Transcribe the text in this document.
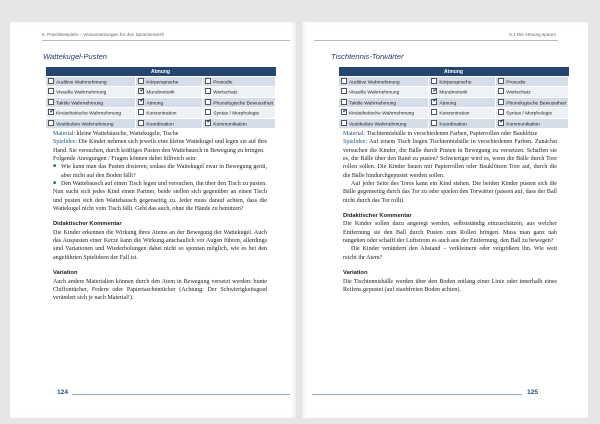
6. Praxisbeispiele – Voraussetzungen für den Spracherwerb
Wattekugel-Pusten
Atmung		
Auditive Wahrnehmung	Körpersprache	Prosodie
Visuelle Wahrnehmung	✔Mundmotorik	Wortschatz
Taktile Wahrnehmung	✔Atmung	Phonologische Bewusstheit
✔Kinästhetische Wahrnehmung	Konzentration	Syntax / Morphologie
Vestibuläre Wahrnehmung	Koordination	✔Kommunikation

Material: kleine Wattebäusche, Wattekugeln, Tische

Spielidee: Die Kinder nehmen sich jeweils eine kleine Wattekugel und legen sie auf ihre Hand. Sie versuchen, durch kräftiges Pusten den Wattebausch in Bewegung zu bringen.

Folgende Anregungen / Fragen können dabei hilfreich sein:

■ Wie kann man das Pusten dosieren, sodass die Wattekugel zwar in Bewegung gerät, aber nicht auf den Boden fällt?

■ Den Wattebausch auf einen Tisch legen und versuchen, ihn über den Tisch zu pusten.

Nun sucht sich jedes Kind einen Partner, beide stellen sich gegenüber an einen Tisch und pusten sich den Wattebausch gegenseitig zu. Jeder muss darauf achten, dass die Wattekugel nicht vom Tisch fällt. Geht das auch, ohne die Hände zu benutzen?

Didaktischer Kommentar

Die Kinder erkennen die Wirkung ihres Atems an der Bewegung der Wattekugel. Auch das Auspusten einer Kerze kann die Wirkung anschaulich vor Augen führen, allerdings sind Variationen und Wiederholungen dabei nicht so spontan möglich, wie es bei den angeführten Spielideen der Fall ist.

Variation

Auch andere Materialien können durch den Atem in Bewegung versetzt werden: bunte Chiffontücher, Federn oder Papiertaschentücher (Achtung: Der Schwierigkeitsgrad verändert sich je nach Material!).

124
6.1 Die Atmung spüren
Tischtennis-Torwärter
Atmung		
Auditive Wahrnehmung	Körpersprache	Prosodie
Visuelle Wahrnehmung	✔Mundmotorik	Wortschatz
Taktile Wahrnehmung	✔Atmung	Phonologische Bewusstheit
✔Kinästhetische Wahrnehmung	Konzentration	Syntax / Morphologie
Vestibuläre Wahrnehmung	Koordination	✔Kommunikation

Material: Tischtennisbälle in verschiedenen Farben, Papierrollen oder Bauklötze

Spielidee: Auf einem Tisch liegen Tischtennisbälle in verschiedenen Farben. Zunächst versuchen die Kinder, die Bälle durch Pusten in Bewegung zu versetzen. Schaffen sie es, die Bälle über den Rand zu pusten? Schwieriger wird es, wenn die Bälle durch Tore rollen sollen. Die Kinder bauen mit Papierrollen oder Bauklötzen Tore auf, durch die die Bälle hindurchgepustet werden sollen.

Auf jeder Seite des Tores kann ein Kind stehen. Die beiden Kinder pusten sich die Bälle gegenseitig durch das Tor zu oder spielen den Torwärter (passen auf, dass der Ball nicht durch das Tor rollt).

Didaktischer Kommentar

Die Kinder sollen dazu angeregt werden, selbstständig einzuschätzen, aus welcher Entfernung sie den Ball durch Pusten zum Rollen bringen. Muss man ganz nah rangehen oder schafft der Luftstrom es auch aus der Entfernung, den Ball zu bewegen?

Die Kinder verändern den Abstand – verkleinern oder vergrößern ihn. Wie weit reicht ihr Atem?

Variation

Die Tischtennisbälle werden über den Boden entlang einer Linie oder innerhalb eines Reifens gepustet (auf staubfreien Boden achten).

125
